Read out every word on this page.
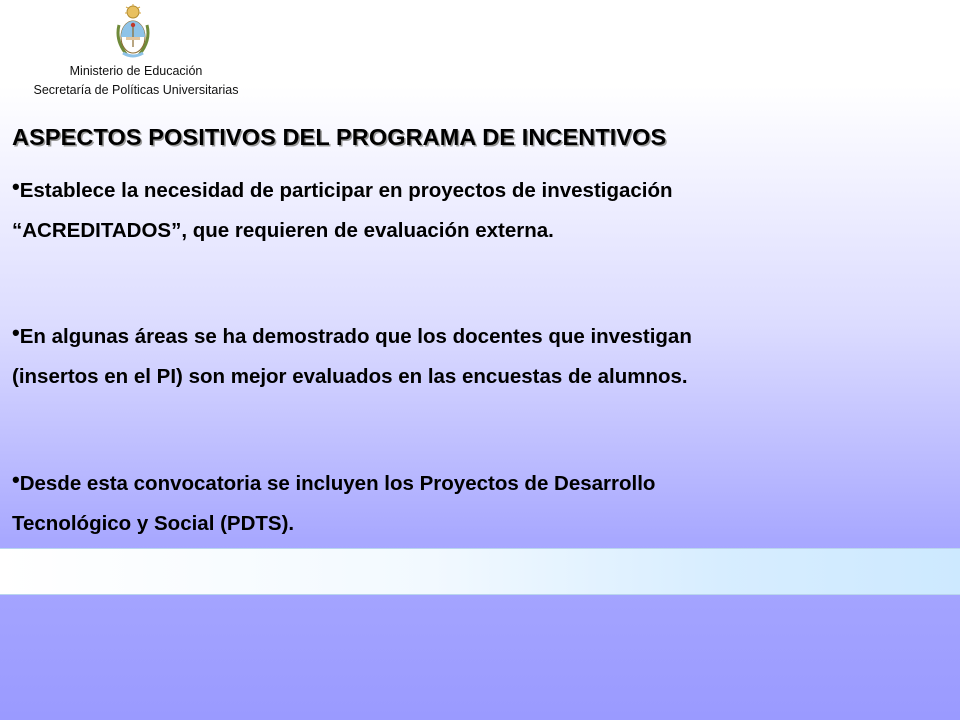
Ministerio de Educación
Secretaría de Políticas Universitarias
ASPECTOS POSITIVOS DEL PROGRAMA DE INCENTIVOS

•Establece la necesidad de participar en proyectos de investigación
“ACREDITADOS”, que requieren de evaluación externa.

•En algunas áreas se ha demostrado que los docentes que investigan
(insertos en el PI) son mejor evaluados en las encuestas de alumnos.

•Desde esta convocatoria se incluyen los Proyectos de Desarrollo
Tecnológico y Social (PDTS).
